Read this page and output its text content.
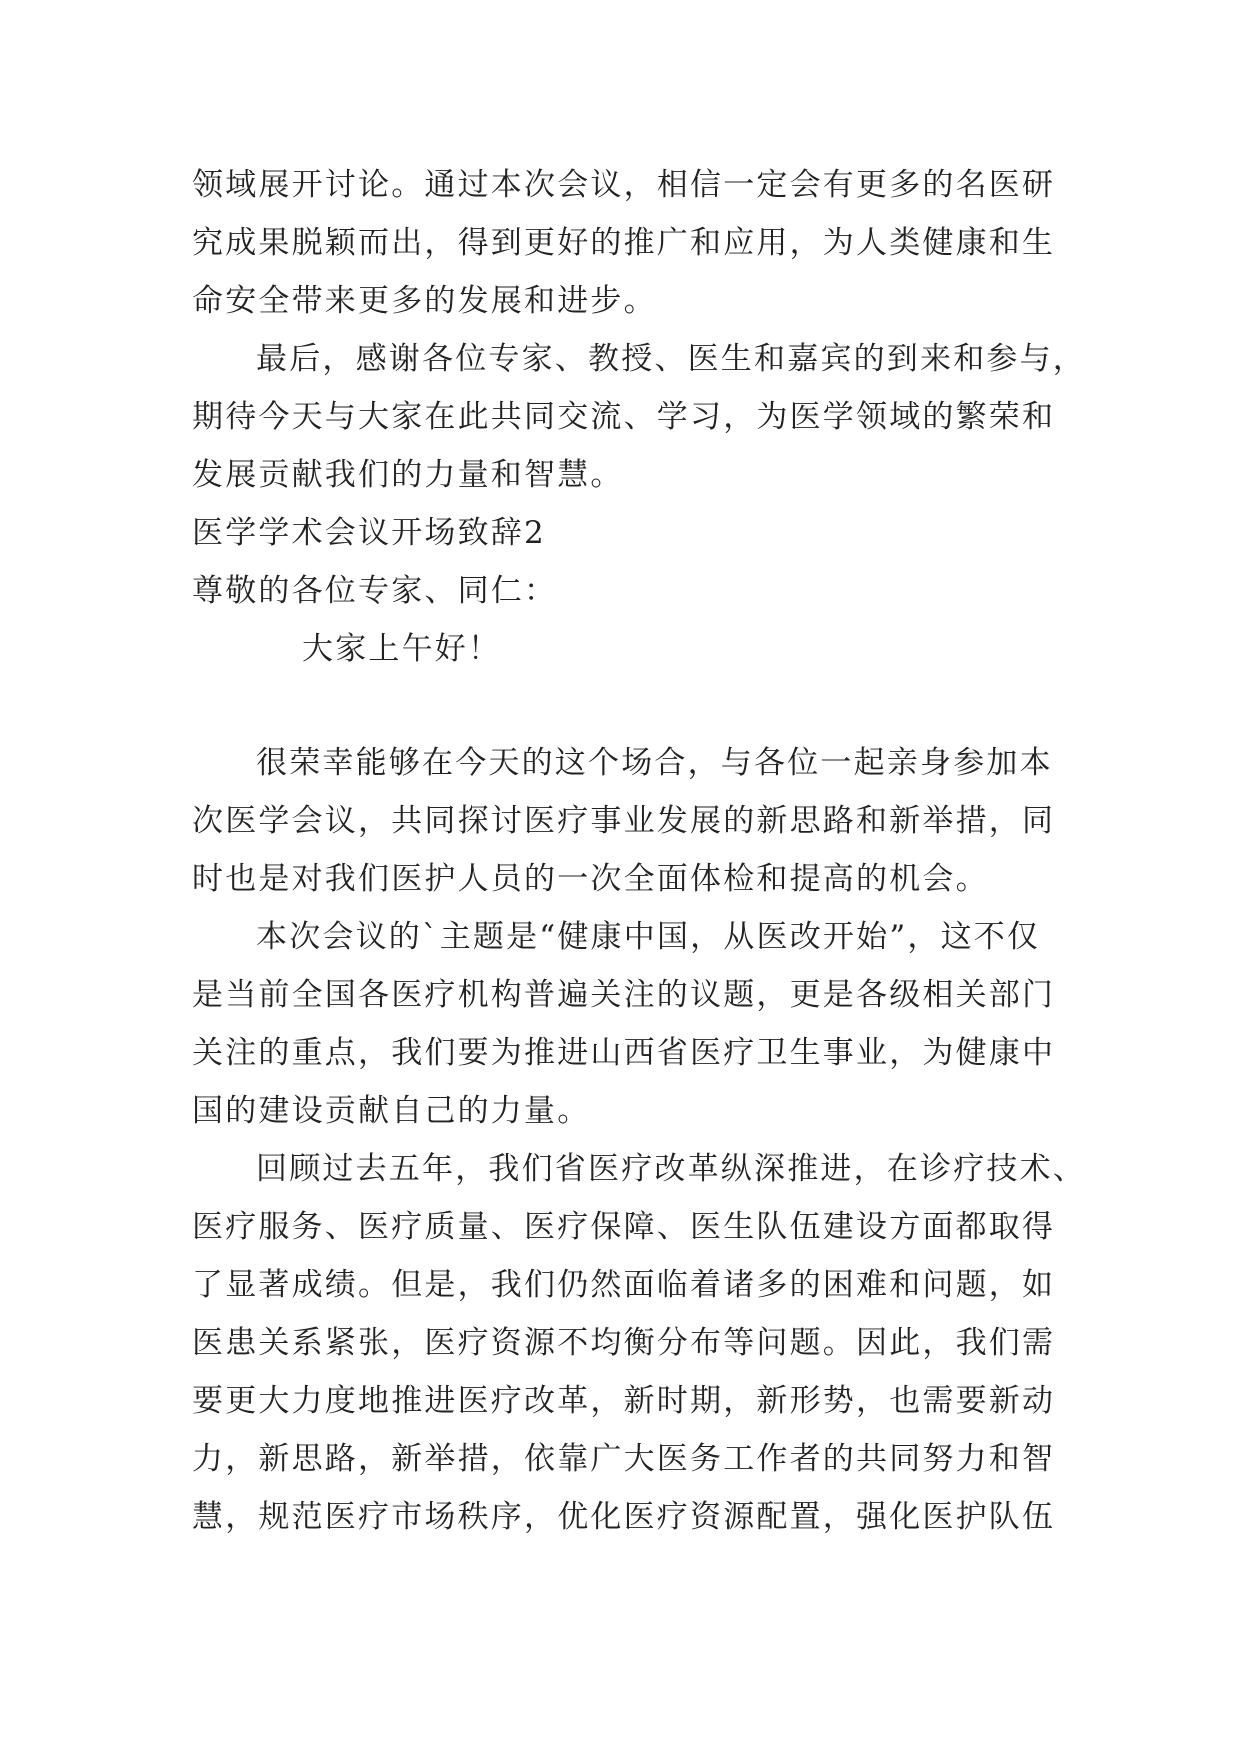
领域展开讨论。通过本次会议，相信一定会有更多的名医研
究成果脱颖而出，得到更好的推广和应用，为人类健康和生
命安全带来更多的发展和进步。
最后，感谢各位专家、教授、医生和嘉宾的到来和参与，
期待今天与大家在此共同交流、学习，为医学领域的繁荣和
发展贡献我们的力量和智慧。
医学学术会议开场致辞2
尊敬的各位专家、同仁：
大家上午好！
很荣幸能够在今天的这个场合，与各位一起亲身参加本
次医学会议，共同探讨医疗事业发展的新思路和新举措，同
时也是对我们医护人员的一次全面体检和提高的机会。
本次会议的`主题是“健康中国，从医改开始”，这不仅
是当前全国各医疗机构普遍关注的议题，更是各级相关部门
关注的重点，我们要为推进山西省医疗卫生事业，为健康中
国的建设贡献自己的力量。
回顾过去五年，我们省医疗改革纵深推进，在诊疗技术、
医疗服务、医疗质量、医疗保障、医生队伍建设方面都取得
了显著成绩。但是，我们仍然面临着诸多的困难和问题，如
医患关系紧张，医疗资源不均衡分布等问题。因此，我们需
要更大力度地推进医疗改革，新时期，新形势，也需要新动
力，新思路，新举措，依靠广大医务工作者的共同努力和智
慧，规范医疗市场秩序，优化医疗资源配置，强化医护队伍
